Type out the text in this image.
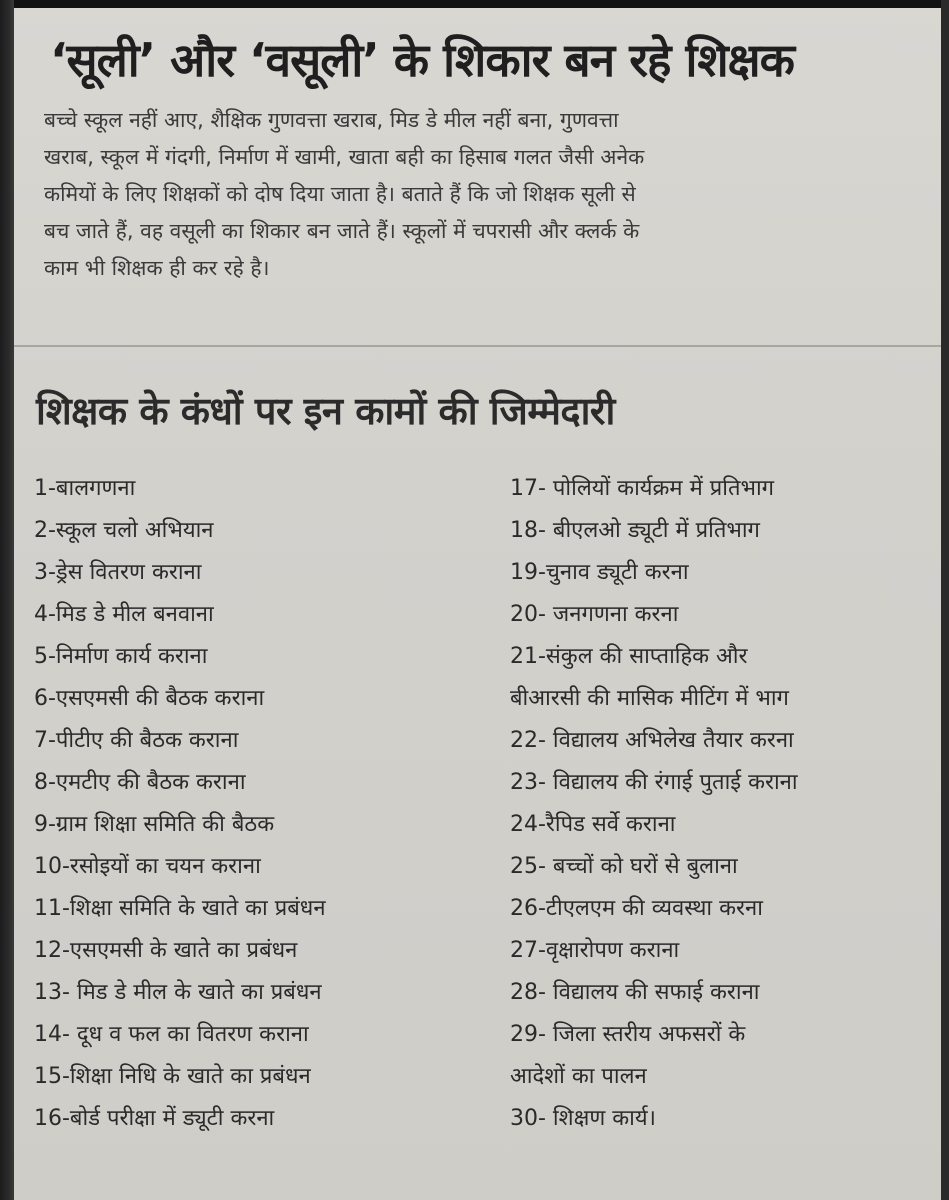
‘सूली’ और ‘वसूली’ के शिकार बन रहे शिक्षक
बच्चे स्कूल नहीं आए, शैक्षिक गुणवत्ता खराब, मिड डे मील नहीं बना, गुणवत्ता
खराब, स्कूल में गंदगी, निर्माण में खामी, खाता बही का हिसाब गलत जैसी अनेक
कमियों के लिए शिक्षकों को दोष दिया जाता है। बताते हैं कि जो शिक्षक सूली से
बच जाते हैं, वह वसूली का शिकार बन जाते हैं। स्कूलों में चपरासी और क्लर्क के
काम भी शिक्षक ही कर रहे है।
शिक्षक के कंधों पर इन कामों की जिम्मेदारी
1-बालगणना
2-स्कूल चलो अभियान
3-ड्रेस वितरण कराना
4-मिड डे मील बनवाना
5-निर्माण कार्य कराना
6-एसएमसी की बैठक कराना
7-पीटीए की बैठक कराना
8-एमटीए की बैठक कराना
9-ग्राम शिक्षा समिति की बैठक
10-रसोइयों का चयन कराना
11-शिक्षा समिति के खाते का प्रबंधन
12-एसएमसी के खाते का प्रबंधन
13- मिड डे मील के खाते का प्रबंधन
14- दूध व फल का वितरण कराना
15-शिक्षा निधि के खाते का प्रबंधन
16-बोर्ड परीक्षा में ड्यूटी करना
17- पोलियों कार्यक्रम में प्रतिभाग
18- बीएलओ ड्यूटी में प्रतिभाग
19-चुनाव ड्यूटी करना
20- जनगणना करना
21-संकुल की साप्ताहिक और
बीआरसी की मासिक मीटिंग में भाग
22- विद्यालय अभिलेख तैयार करना
23- विद्यालय की रंगाई पुताई कराना
24-रैपिड सर्वे कराना
25- बच्चों को घरों से बुलाना
26-टीएलएम की व्यवस्था करना
27-वृक्षारोपण कराना
28- विद्यालय की सफाई कराना
29- जिला स्तरीय अफसरों के
आदेशों का पालन
30- शिक्षण कार्य।
